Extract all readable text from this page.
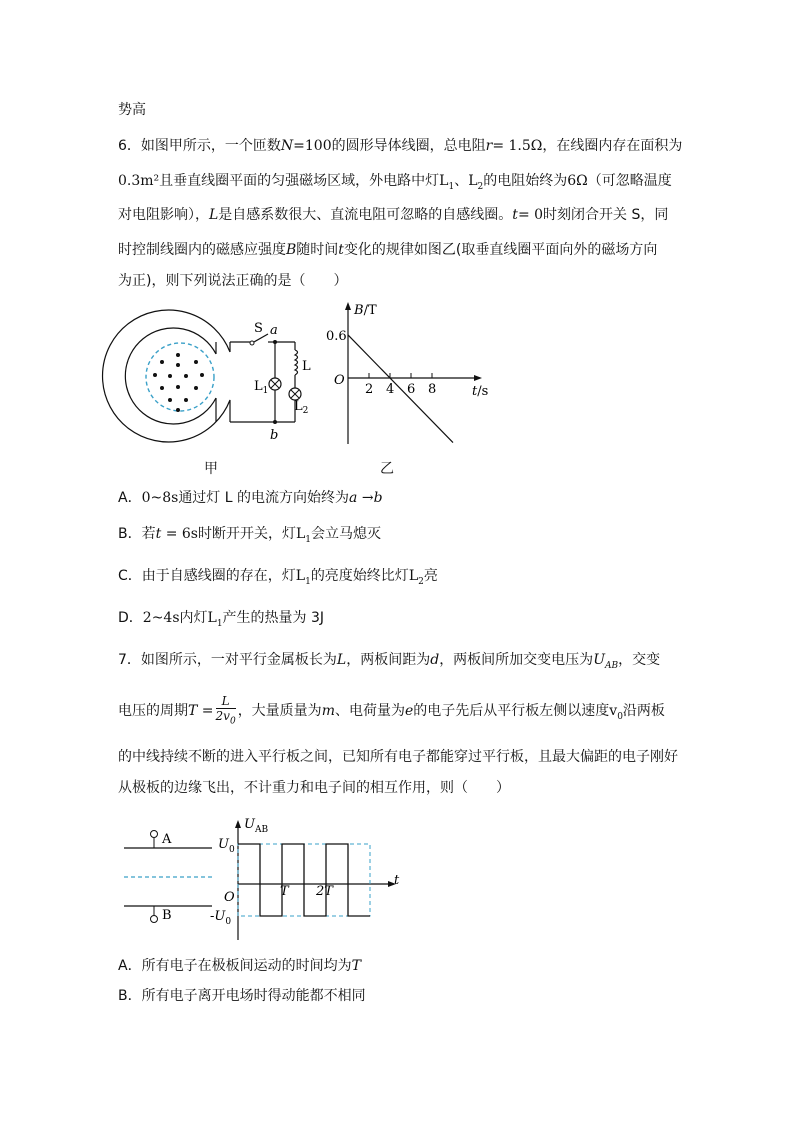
势高
6．如图甲所示，一个匝数N=100的圆形导体线圈，总电阻r= 1.5Ω，在线圈内存在面积为
0.3m²且垂直线圈平面的匀强磁场区域，外电路中灯$L_1$、$L_2$的电阻始终为6Ω（可忽略温度
对电阻影响），L是自感系数很大、直流电阻可忽略的自感线圈。t= 0时刻闭合开关 S，同
时控制线圈内的磁感应强度B随时间t变化的规律如图乙(取垂直线圈平面向外的磁场方向
为正)，则下列说法正确的是（　　）
S a
$L_1$
L
$L_2$
b
甲
B/T
t/s
O
0.6
2 4 6 8
乙
A．0~8s通过灯 L 的电流方向始终为a →b
B．若t = 6s时断开开关，灯$L_1$会立马熄灭
C．由于自感线圈的存在，灯$L_1$的亮度始终比灯$L_2$亮
D．2~4s内灯$L_1$产生的热量为 3J
7．如图所示，一对平行金属板长为L，两板间距为d，两板间所加交变电压为$U_{AB}$，交变
电压的周期$T = \frac{L}{2v_0}$ ，大量质量为m、电荷量为e的电子先后从平行板左侧以速度$v_0$沿两板
的中线持续不断的进入平行板之间，已知所有电子都能穿过平行板，且最大偏距的电子刚好
从极板的边缘飞出，不计重力和电子间的相互作用，则（　　）
A
B
$U_{AB}$
t
O
$U_0$
$-U_0$
T 2T
A．所有电子在极板间运动的时间均为T
B．所有电子离开电场时得动能都不相同
